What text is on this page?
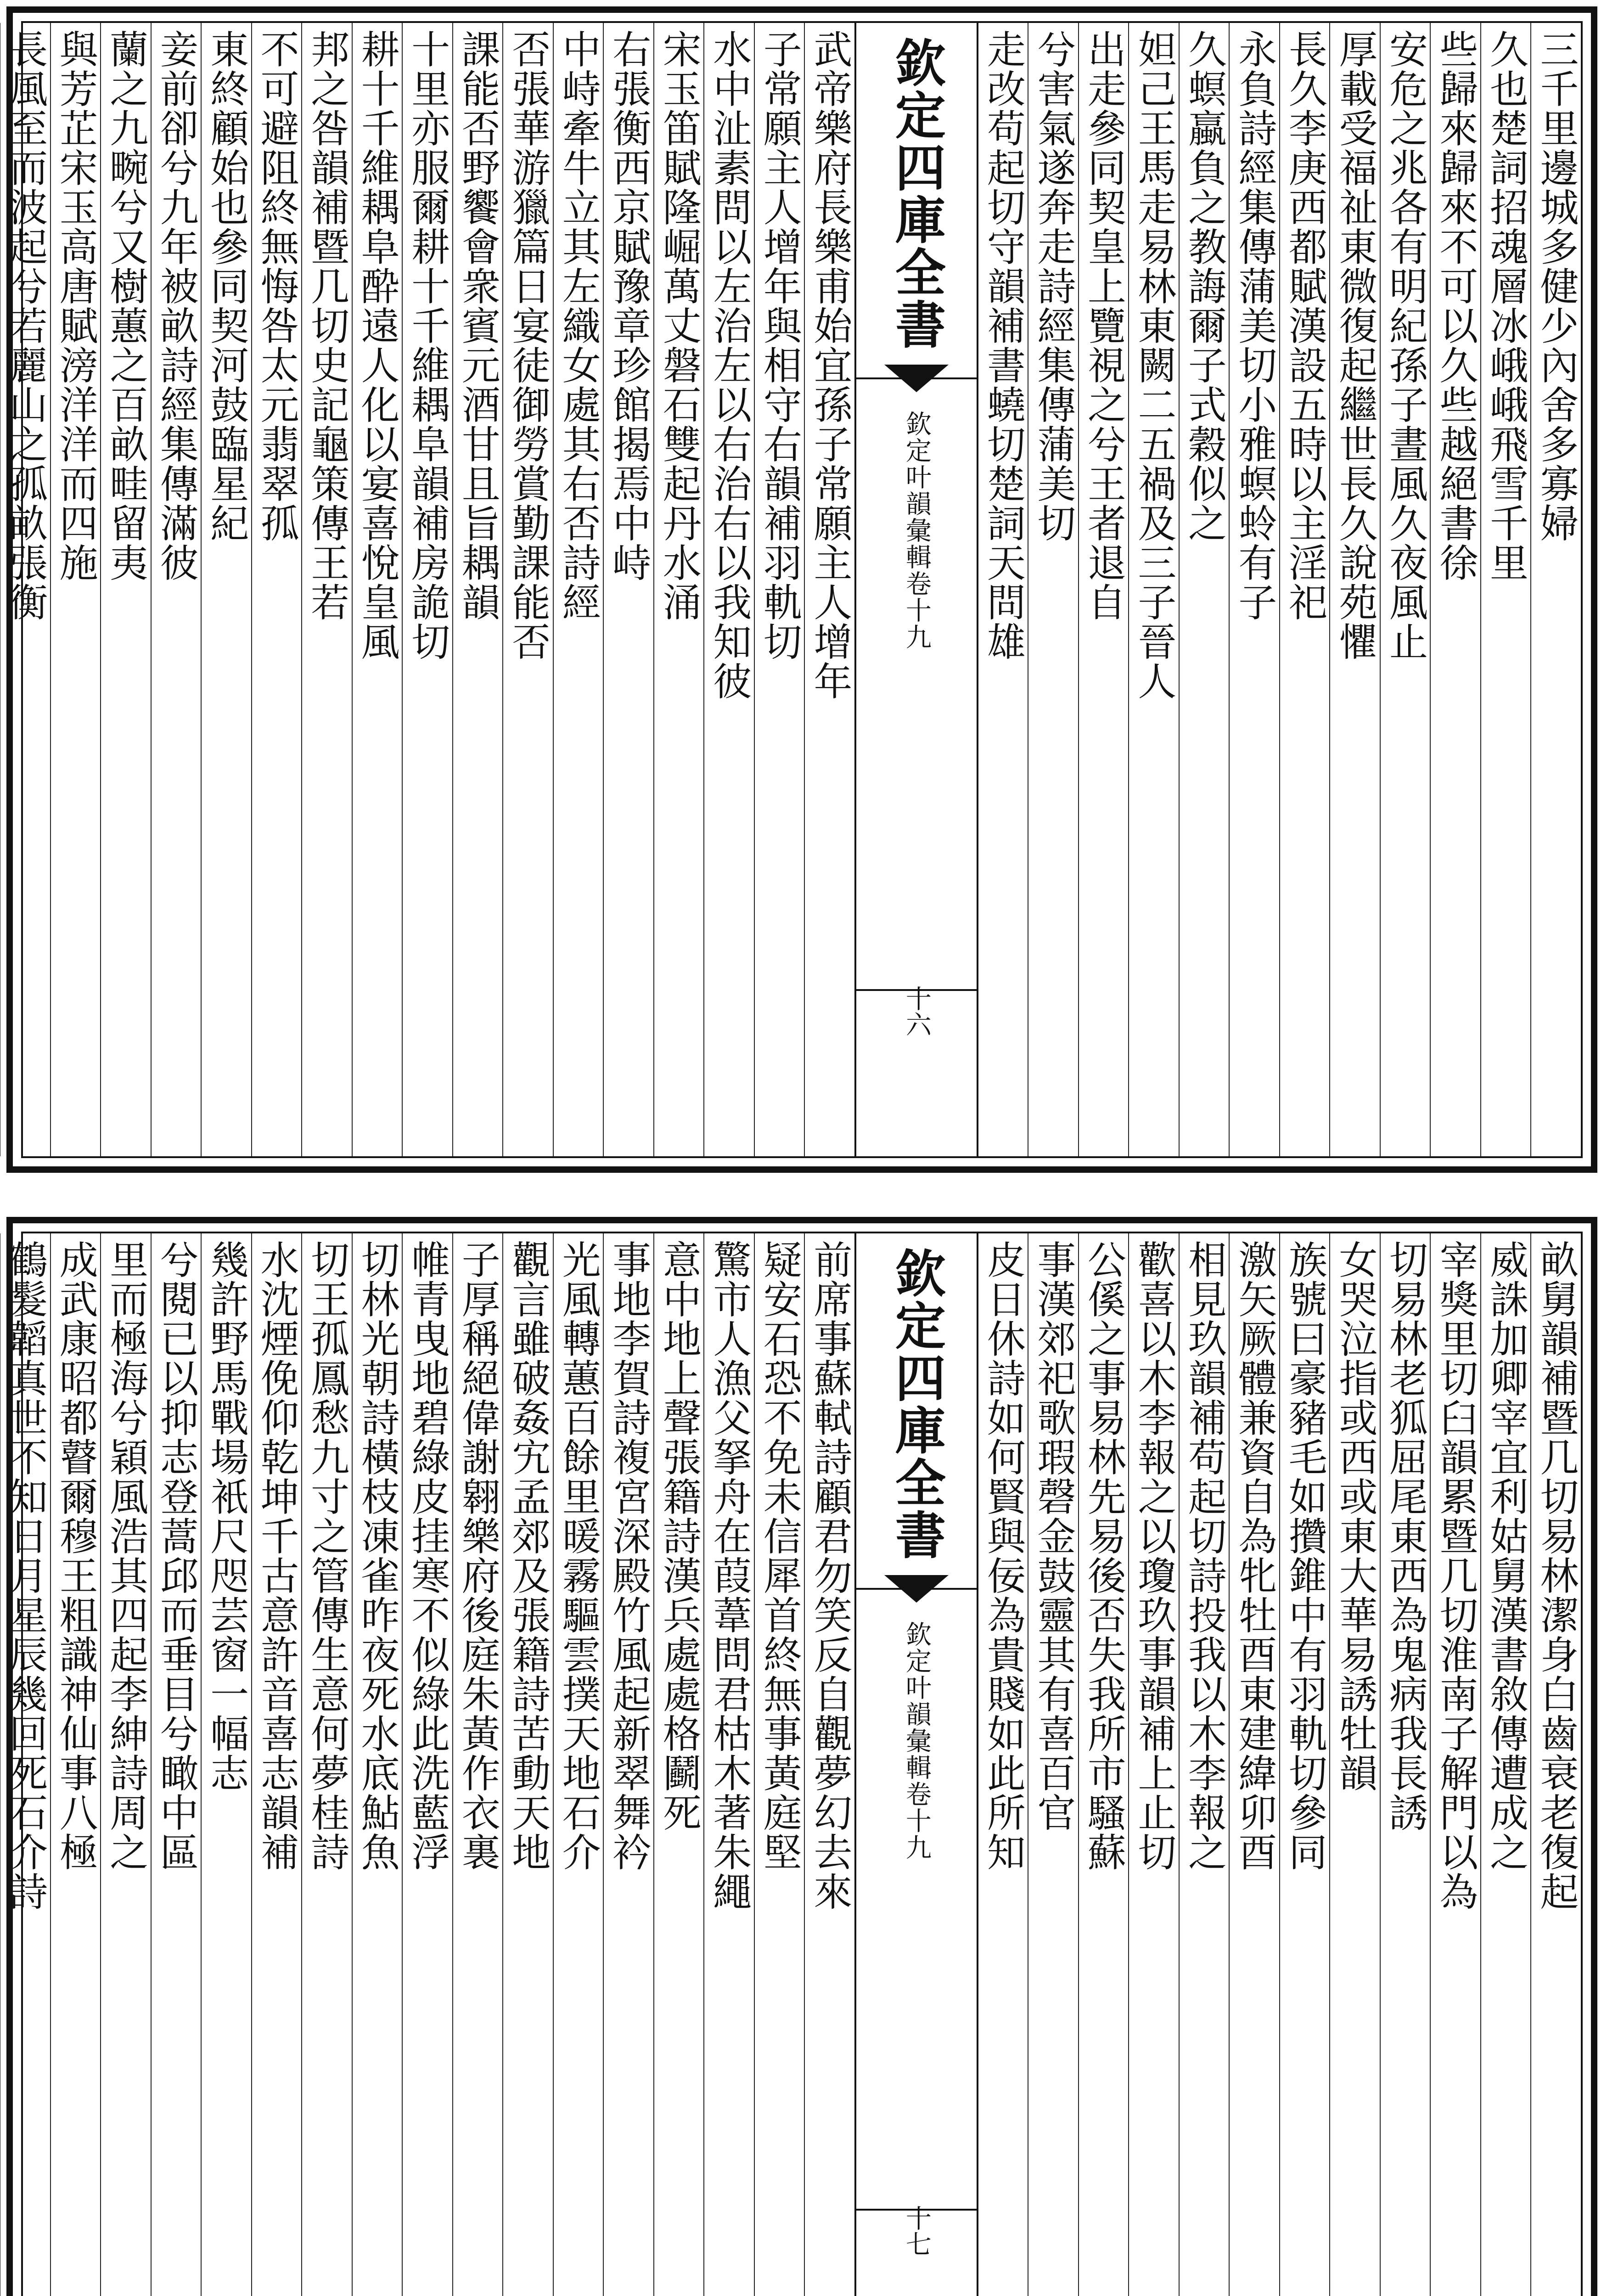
三千里邊城多健少內舍多寡婦
久也楚詞招魂層冰峨峨飛雪千里
些歸來歸來不可以久些越絕書徐
安危之兆各有明紀孫子晝風久夜風止
厚載受福祉東微復起繼世長久說苑懼
長久李庚西都賦漢設五時以主淫祀
永負詩經集傳蒲美切小雅螟蛉有子
久螟蠃負之教誨爾子式穀似之
妲己王馬走易林東闕二五禍及三子晉人
出走參同契皇上覽視之兮王者退自
兮害氣遂奔走詩經集傳蒲美切
走改苟起切守韻補書蟯切楚詞天問雄
欽定四庫全書
欽定叶韻彙輯卷十九
十六
武帝樂府長樂甫始宜孫子常願主人增年
子常願主人增年與相守右韻補羽軌切
水中沚素問以左治左以右治右以我知彼
宋玉笛賦隆崛萬丈磐石雙起丹水涌
右張衡西京賦豫章珍館揭焉中峙
中峙牽牛立其左織女處其右否詩經
否張華游獵篇日宴徒御勞賞勤課能否
課能否野饗會衆賓元酒甘且旨耦韻
十里亦服爾耕十千維耦阜韻補房詭切
耕十千維耦阜酔遠人化以宴喜悅皇風
邦之咎韻補暨几切史記龜策傳王若
不可避阻終無悔咎太元翡翠孤
東終顧始也參同契河鼓臨星紀
妾前卻兮九年被畝詩經集傳滿彼
蘭之九畹兮又樹蕙之百畝畦留夷
與芳芷宋玉高唐賦滂洋洋而四施
長風至而波起兮若麗山之孤畝張衡
畝舅韻補暨几切易林潔身白齒衰老復起
威誅加卿宰宜利姑舅漢書敘傳遭成之
宰獎里切臼韻累暨几切淮南子解門以為
切易林老狐屈尾東西為鬼病我長誘
女哭泣指或西或東大華易誘牡韻
族號曰豪豬毛如攢錐中有羽軌切參同
激矢厥體兼資自為牝牡酉東建緯卯酉
相見玖韻補苟起切詩投我以木李報之
歡喜以木李報之以瓊玖事韻補上止切
公傒之事易林先易後否失我所市騷蘇
事漢郊祀歌瑕磬金鼓靈其有喜百官
皮日休詩如何賢與佞為貴賤如此所知
欽定四庫全書
欽定叶韻彙輯卷十九
十七
前席事蘇軾詩顧君勿笑反自觀夢幻去來
疑安石恐不免未信犀首終無事黃庭堅
驚市人漁父拏舟在葭葦問君枯木著朱繩
意中地上聲張籍詩漢兵處處格鬬死
事地李賀詩複宮深殿竹風起新翠舞衿
光風轉蕙百餘里暖霧驅雲撲天地石介
觀言雖破姦宄孟郊及張籍詩苦動天地
子厚稱絕偉謝翱樂府後庭朱黃作衣裏
帷青曳地碧綠皮挂寒不似綠此洗藍浮
切林光朝詩橫枝凍雀昨夜死水底鮎魚
切王孤鳳愁九寸之管傳生意何夢桂詩
水沈煙俛仰乾坤千古意許音喜志韻補
幾許野馬戰場衹尺咫芸窗一幅志
兮閱已以抑志登蒿邱而垂目兮瞰中區
里而極海兮穎風浩其四起李紳詩周之
成武康昭都瞽爾穆王粗識神仙事八極
鶴髮韜真世不知日月星辰幾回死石介詩
